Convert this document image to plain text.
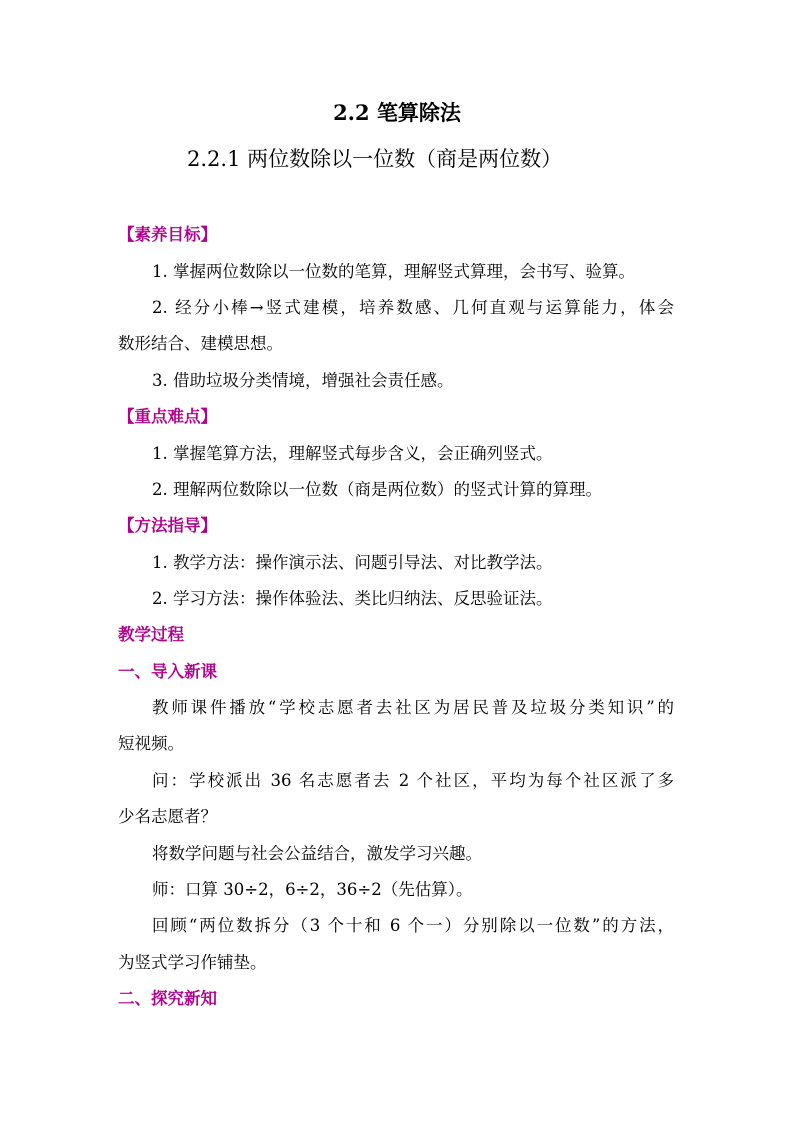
2.2 笔算除法
2.2.1 两位数除以一位数（商是两位数）
【素养目标】
1. 掌握两位数除以一位数的笔算，理解竖式算理，会书写、验算。
2. 经分小棒→竖式建模，培养数感、几何直观与运算能力，体会
数形结合、建模思想。
3. 借助垃圾分类情境，增强社会责任感。
【重点难点】
1. 掌握笔算方法，理解竖式每步含义，会正确列竖式。
2. 理解两位数除以一位数（商是两位数）的竖式计算的算理。
【方法指导】
1. 教学方法：操作演示法、问题引导法、对比教学法。
2. 学习方法：操作体验法、类比归纳法、反思验证法。
教学过程
一、导入新课
教师课件播放“学校志愿者去社区为居民普及垃圾分类知识”的
短视频。
问：学校派出 36 名志愿者去 2 个社区，平均为每个社区派了多
少名志愿者？
将数学问题与社会公益结合，激发学习兴趣。
师：口算 30÷2，6÷2，36÷2（先估算）。
回顾“两位数拆分（3 个十和 6 个一）分别除以一位数”的方法，
为竖式学习作铺垫。
二、探究新知
